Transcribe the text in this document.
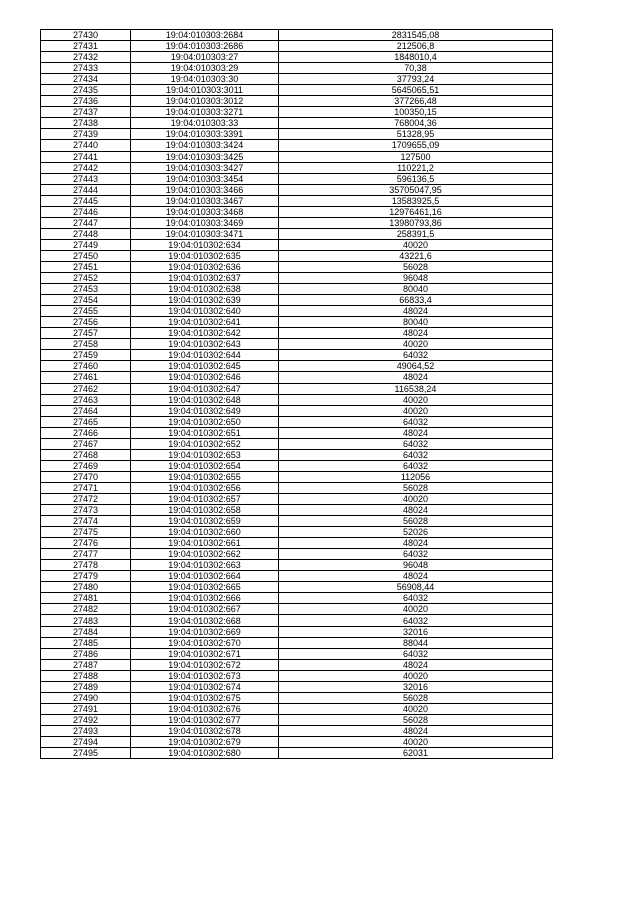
27430	19:04:010303:2684	2831545,08
27431	19:04:010303:2686	212506,8
27432	19:04:010303:27	1848010,4
27433	19:04:010303:29	70,38
27434	19:04:010303:30	37793,24
27435	19:04:010303:3011	5645065,51
27436	19:04:010303:3012	377266,48
27437	19:04:010303:3271	100350,15
27438	19:04:010303:33	768004,36
27439	19:04:010303:3391	51328,95
27440	19:04:010303:3424	1709655,09
27441	19:04:010303:3425	127500
27442	19:04:010303:3427	110221,2
27443	19:04:010303:3454	596136,5
27444	19:04:010303:3466	35705047,95
27445	19:04:010303:3467	13583925,5
27446	19:04:010303:3468	12976461,16
27447	19:04:010303:3469	13980793,86
27448	19:04:010303:3471	258391,5
27449	19:04:010302:634	40020
27450	19:04:010302:635	43221,6
27451	19:04:010302:636	56028
27452	19:04:010302:637	96048
27453	19:04:010302:638	80040
27454	19:04:010302:639	66833,4
27455	19:04:010302:640	48024
27456	19:04:010302:641	80040
27457	19:04:010302:642	48024
27458	19:04:010302:643	40020
27459	19:04:010302:644	64032
27460	19:04:010302:645	49064,52
27461	19:04:010302:646	48024
27462	19:04:010302:647	116538,24
27463	19:04:010302:648	40020
27464	19:04:010302:649	40020
27465	19:04:010302:650	64032
27466	19:04:010302:651	48024
27467	19:04:010302:652	64032
27468	19:04:010302:653	64032
27469	19:04:010302:654	64032
27470	19:04:010302:655	112056
27471	19:04:010302:656	56028
27472	19:04:010302:657	40020
27473	19:04:010302:658	48024
27474	19:04:010302:659	56028
27475	19:04:010302:660	52026
27476	19:04:010302:661	48024
27477	19:04:010302:662	64032
27478	19:04:010302:663	96048
27479	19:04:010302:664	48024
27480	19:04:010302:665	56908,44
27481	19:04:010302:666	64032
27482	19:04:010302:667	40020
27483	19:04:010302:668	64032
27484	19:04:010302:669	32016
27485	19:04:010302:670	88044
27486	19:04:010302:671	64032
27487	19:04:010302:672	48024
27488	19:04:010302:673	40020
27489	19:04:010302:674	32016
27490	19:04:010302:675	56028
27491	19:04:010302:676	40020
27492	19:04:010302:677	56028
27493	19:04:010302:678	48024
27494	19:04:010302:679	40020
27495	19:04:010302:680	62031
